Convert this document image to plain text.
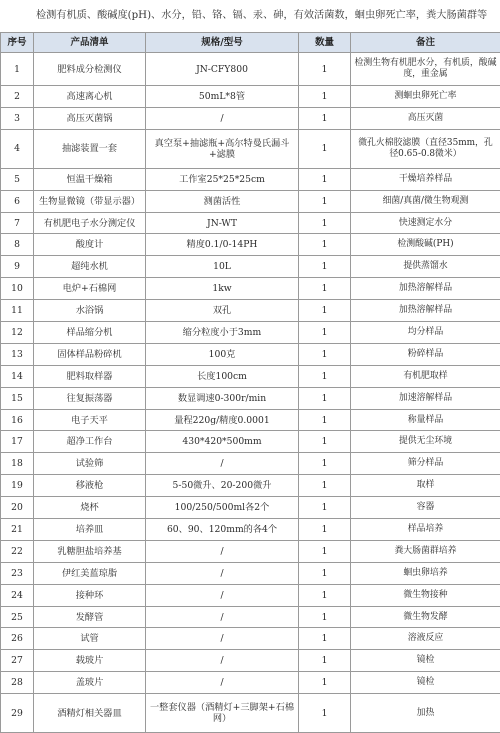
检测有机质、酸碱度(pH)、水分，铅、铬、镉、汞、砷，有效活菌数，蛔虫卵死亡率，粪大肠菌群等
序号	产品清单	规格/型号	数量	备注
1	肥料成分检测仪	JN-CFY800	1	检测生物有机肥水分，有机质，酸碱度，重金属
2	高速离心机	50mL*8管	1	测蛔虫卵死亡率
3	高压灭菌锅	/	1	高压灭菌
4	抽滤装置一套	真空泵+抽滤瓶+高尔特曼氏漏斗+滤膜	1	微孔火棉胶滤膜（直径35mm，孔径0.65-0.8微米）
5	恒温干燥箱	工作室25*25*25cm	1	干燥培养样品
6	生物显微镜（带显示器）	测菌活性	1	细菌/真菌/微生物观测
7	有机肥电子水分测定仪	JN-WT	1	快速测定水分
8	酸度计	精度0.1/0-14PH	1	检测酸碱(PH)
9	超纯水机	10L	1	提供蒸馏水
10	电炉+石棉网	1kw	1	加热溶解样品
11	水浴锅	双孔	1	加热溶解样品
12	样品缩分机	缩分粒度小于3mm	1	均分样品
13	固体样品粉碎机	100克	1	粉碎样品
14	肥料取样器	长度100cm	1	有机肥取样
15	往复振荡器	数显调速0-300r/min	1	加速溶解样品
16	电子天平	量程220g/精度0.0001	1	称量样品
17	超净工作台	430*420*500mm	1	提供无尘环境
18	试验筛	/	1	筛分样品
19	移液枪	5-50微升、20-200微升	1	取样
20	烧杯	100/250/500ml各2个	1	容器
21	培养皿	60、90、120mm的各4个	1	样品培养
22	乳糖胆盐培养基	/	1	粪大肠菌群培养
23	伊红美蓝琼脂	/	1	蛔虫卵培养
24	接种环	/	1	微生物接种
25	发酵管	/	1	微生物发酵
26	试管	/	1	溶液反应
27	载玻片	/	1	镜检
28	盖玻片	/	1	镜检
29	酒精灯相关器皿	一整套仪器（酒精灯+三脚架+石棉网）	1	加热
